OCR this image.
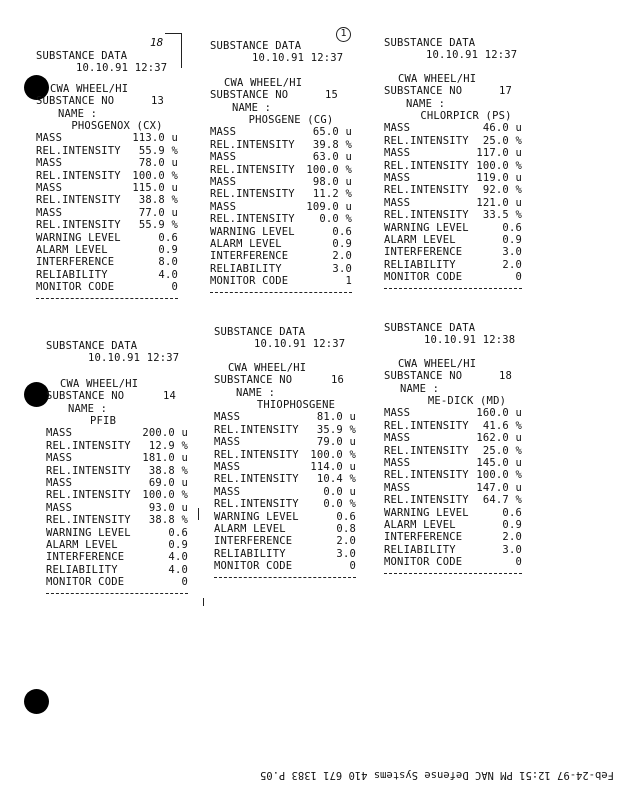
18
1
SUBSTANCE DATA
10.10.91 12:37
CWA WHEEL/HI
SUBSTANCE NO	13
NAME :
PHOSGENOX (CX)
MASS	113.0 u
REL.INTENSITY 55.9 %
MASS	78.0 u
REL.INTENSITY 100.0 %
MASS	115.0 u
REL.INTENSITY 38.8 %
MASS	77.0 u
REL.INTENSITY 55.9 %
WARNING LEVEL	0.6
ALARM LEVEL	0.9
INTERFERENCE	8.0
RELIABILITY	4.0
MONITOR CODE	0
SUBSTANCE DATA
10.10.91 12:37
CWA WHEEL/HI
SUBSTANCE NO	15
NAME :
PHOSGENE (CG)
MASS	65.0 u
REL.INTENSITY 39.8 %
MASS	63.0 u
REL.INTENSITY 100.0 %
MASS	98.0 u
REL.INTENSITY 11.2 %
MASS	109.0 u
REL.INTENSITY 0.0 %
WARNING LEVEL	0.6
ALARM LEVEL	0.9
INTERFERENCE	2.0
RELIABILITY	3.0
MONITOR CODE	1
SUBSTANCE DATA
10.10.91 12:37
CWA WHEEL/HI
SUBSTANCE NO	17
NAME :
CHLORPICR (PS)
MASS	46.0 u
REL.INTENSITY 25.0 %
MASS	117.0 u
REL.INTENSITY 100.0 %
MASS	119.0 u
REL.INTENSITY 92.0 %
MASS	121.0 u
REL.INTENSITY 33.5 %
WARNING LEVEL	0.6
ALARM LEVEL	0.9
INTERFERENCE	3.0
RELIABILITY	2.0
MONITOR CODE	0
SUBSTANCE DATA
10.10.91 12:37
CWA WHEEL/HI
SUBSTANCE NO	14
NAME :
PFIB
MASS	200.0 u
REL.INTENSITY 12.9 %
MASS	181.0 u
REL.INTENSITY 38.8 %
MASS	69.0 u
REL.INTENSITY 100.0 %
MASS	93.0 u
REL.INTENSITY 38.8 %
WARNING LEVEL	0.6
ALARM LEVEL	0.9
INTERFERENCE	4.0
RELIABILITY	4.0
MONITOR CODE	0
SUBSTANCE DATA
10.10.91 12:37
CWA WHEEL/HI
SUBSTANCE NO	16
NAME :
THIOPHOSGENE
MASS	81.0 u
REL.INTENSITY 35.9 %
MASS	79.0 u
REL.INTENSITY 100.0 %
MASS	114.0 u
REL.INTENSITY 10.4 %
MASS	0.0 u
REL.INTENSITY 0.0 %
WARNING LEVEL	0.6
ALARM LEVEL	0.8
INTERFERENCE	2.0
RELIABILITY	3.0
MONITOR CODE	0
SUBSTANCE DATA
10.10.91 12:38
CWA WHEEL/HI
SUBSTANCE NO	18
NAME :
ME-DICK (MD)
MASS	160.0 u
REL.INTENSITY 41.6 %
MASS	162.0 u
REL.INTENSITY 25.0 %
MASS	145.0 u
REL.INTENSITY 100.0 %
MASS	147.0 u
REL.INTENSITY 64.7 %
WARNING LEVEL	0.6
ALARM LEVEL	0.9
INTERFERENCE	2.0
RELIABILITY	3.0
MONITOR CODE	0
Feb-24-97 12:51 PM NAC Defense Systems 410 671 1383 P.05
